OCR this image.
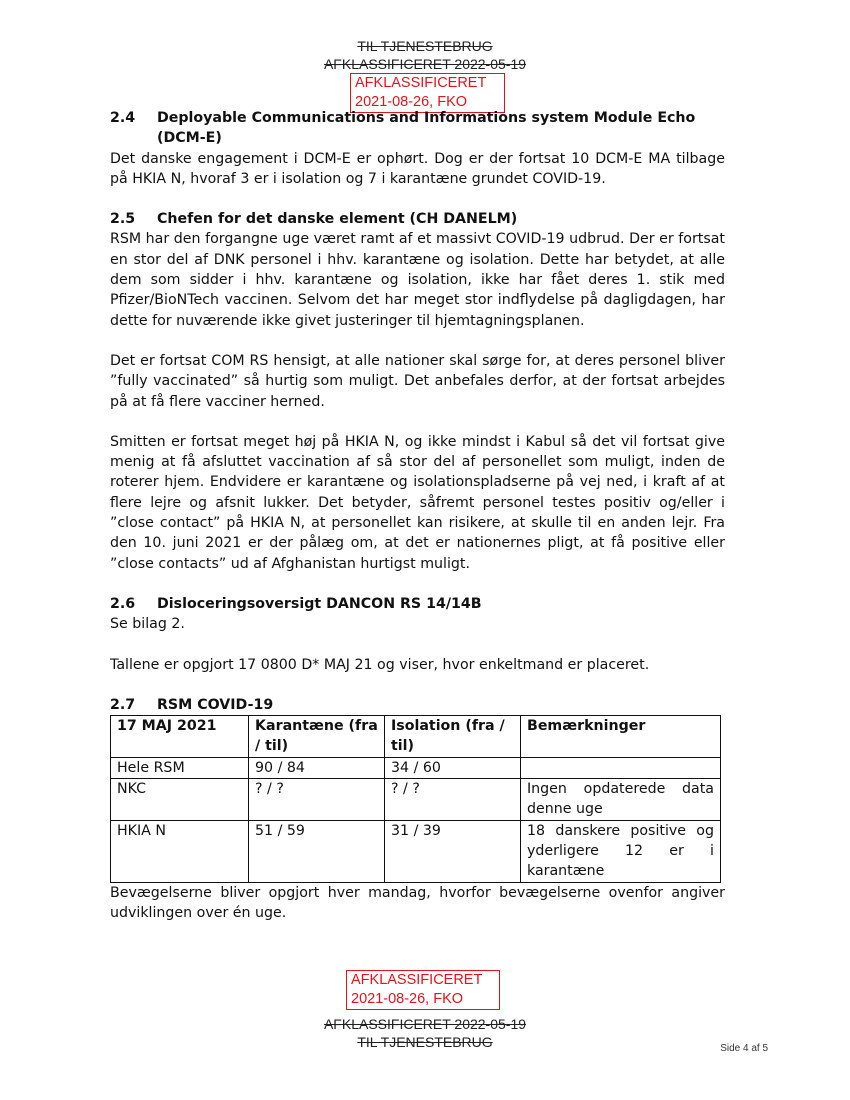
TIL TJENESTEBRUG
AFKLASSIFICERET 2022-05-19
AFKLASSIFICERET
2021-08-26, FKO
2.4	Deployable Communications and Informations system Module Echo (DCM-E)

Det danske engagement i DCM-E er ophørt. Dog er der fortsat 10 DCM-E MA tilbage på HKIA N, hvoraf 3 er i isolation og 7 i karantæne grundet COVID-19.

2.5	Chefen for det danske element (CH DANELM)

RSM har den forgangne uge været ramt af et massivt COVID-19 udbrud. Der er fortsat en stor del af DNK personel i hhv. karantæne og isolation. Dette har betydet, at alle dem som sidder i hhv. karantæne og isolation, ikke har fået deres 1. stik med Pfizer/BioNTech vaccinen. Selvom det har meget stor indflydelse på dagligdagen, har dette for nuværende ikke givet justeringer til hjemtagningsplanen.

Det er fortsat COM RS hensigt, at alle nationer skal sørge for, at deres personel bliver ”fully vaccinated” så hurtig som muligt. Det anbefales derfor, at der fortsat arbejdes på at få flere vacciner herned.

Smitten er fortsat meget høj på HKIA N, og ikke mindst i Kabul så det vil fortsat give menig at få afsluttet vaccination af så stor del af personellet som muligt, inden de roterer hjem. Endvidere er karantæne og isolationspladserne på vej ned, i kraft af at flere lejre og afsnit lukker. Det betyder, såfremt personel testes positiv og/eller i ”close contact” på HKIA N, at personellet kan risikere, at skulle til en anden lejr. Fra den 10. juni 2021 er der pålæg om, at det er nationernes pligt, at få positive eller ”close contacts” ud af Afghanistan hurtigst muligt.

2.6	Disloceringsoversigt DANCON RS 14/14B

Se bilag 2.

Tallene er opgjort 17 0800 D* MAJ 21 og viser, hvor enkeltmand er placeret.

2.7	RSM COVID-19
17 MAJ 2021	Karantæne (fra / til)	Isolation (fra / til)	Bemærkninger
Hele RSM	90 / 84	34 / 60	
NKC	? / ?	? / ?	Ingen opdaterede data denne uge
HKIA N	51 / 59	31 / 39	18 danskere positive og yderligere 12 er i karantæne

Bevægelserne bliver opgjort hver mandag, hvorfor bevægelserne ovenfor angiver udviklingen over én uge.

AFKLASSIFICERET
2021-08-26, FKO
AFKLASSIFICERET 2022-05-19
TIL TJENESTEBRUG	Side 4 af 5
